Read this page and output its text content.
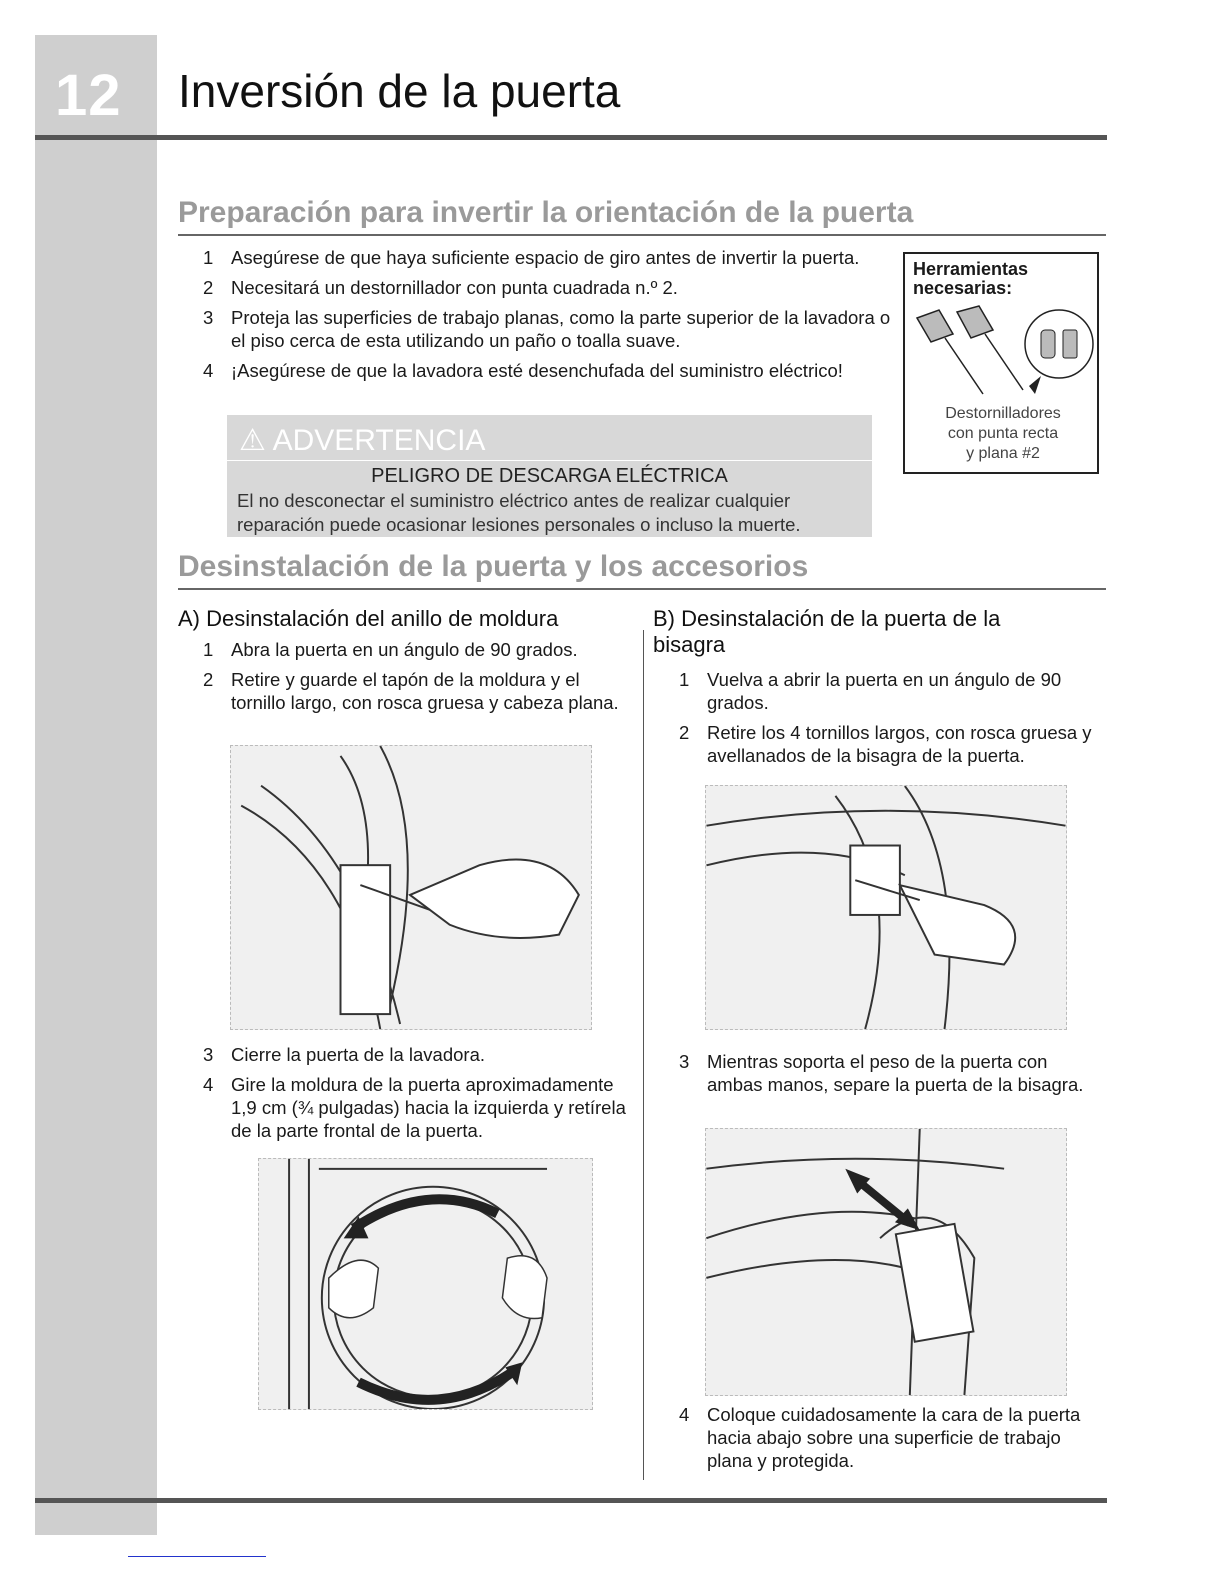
12 Inversión de la puerta
Preparación para invertir la orientación de la puerta
1 Asegúrese de que haya suficiente espacio de giro antes de invertir la puerta.
2 Necesitará un destornillador con punta cuadrada n.º 2.
3 Proteja las superficies de trabajo planas, como la parte superior de la lavadora o el piso cerca de esta utilizando un paño o toalla suave.
4 ¡Asegúrese de que la lavadora esté desenchufada del suministro eléctrico!
Herramientas
necesarias:
Destornilladores
con punta recta
y plana #2
⚠ ADVERTENCIA
PELIGRO DE DESCARGA ELÉCTRICA
El no desconectar el suministro eléctrico antes de realizar cualquier reparación puede ocasionar lesiones personales o incluso la muerte.
Desinstalación de la puerta y los accesorios
A) Desinstalación del anillo de moldura
1 Abra la puerta en un ángulo de 90 grados.
2 Retire y guarde el tapón de la moldura y el tornillo largo, con rosca gruesa y cabeza plana.
3 Cierre la puerta de la lavadora.
4 Gire la moldura de la puerta aproximadamente 1,9 cm (¾ pulgadas) hacia la izquierda y retírela de la parte frontal de la puerta.
B) Desinstalación de la puerta de la bisagra
1 Vuelva a abrir la puerta en un ángulo de 90 grados.
2 Retire los 4 tornillos largos, con rosca gruesa y avellanados de la bisagra de la puerta.
3 Mientras soporta el peso de la puerta con ambas manos, separe la puerta de la bisagra.
4 Coloque cuidadosamente la cara de la puerta hacia abajo sobre una superficie de trabajo plana y protegida.
